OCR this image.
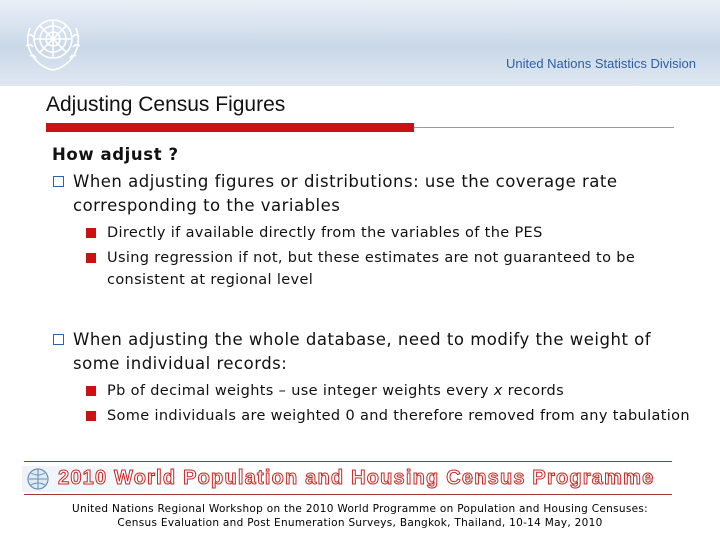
United Nations Statistics Division
Adjusting Census Figures
How adjust ?
When adjusting figures or distributions: use the coverage rate corresponding to the variables
Directly if available directly from the variables of the PES
Using regression if not, but these estimates are not guaranteed to be consistent at regional level
When adjusting the whole database, need to modify the weight of some individual records:
Pb of decimal weights – use integer weights every x records
Some individuals are weighted 0 and therefore removed from any tabulation
2010 World Population and Housing Census Programme
United Nations Regional Workshop on the 2010 World Programme on Population and Housing Censuses:
Census Evaluation and Post Enumeration Surveys, Bangkok, Thailand, 10-14 May, 2010
